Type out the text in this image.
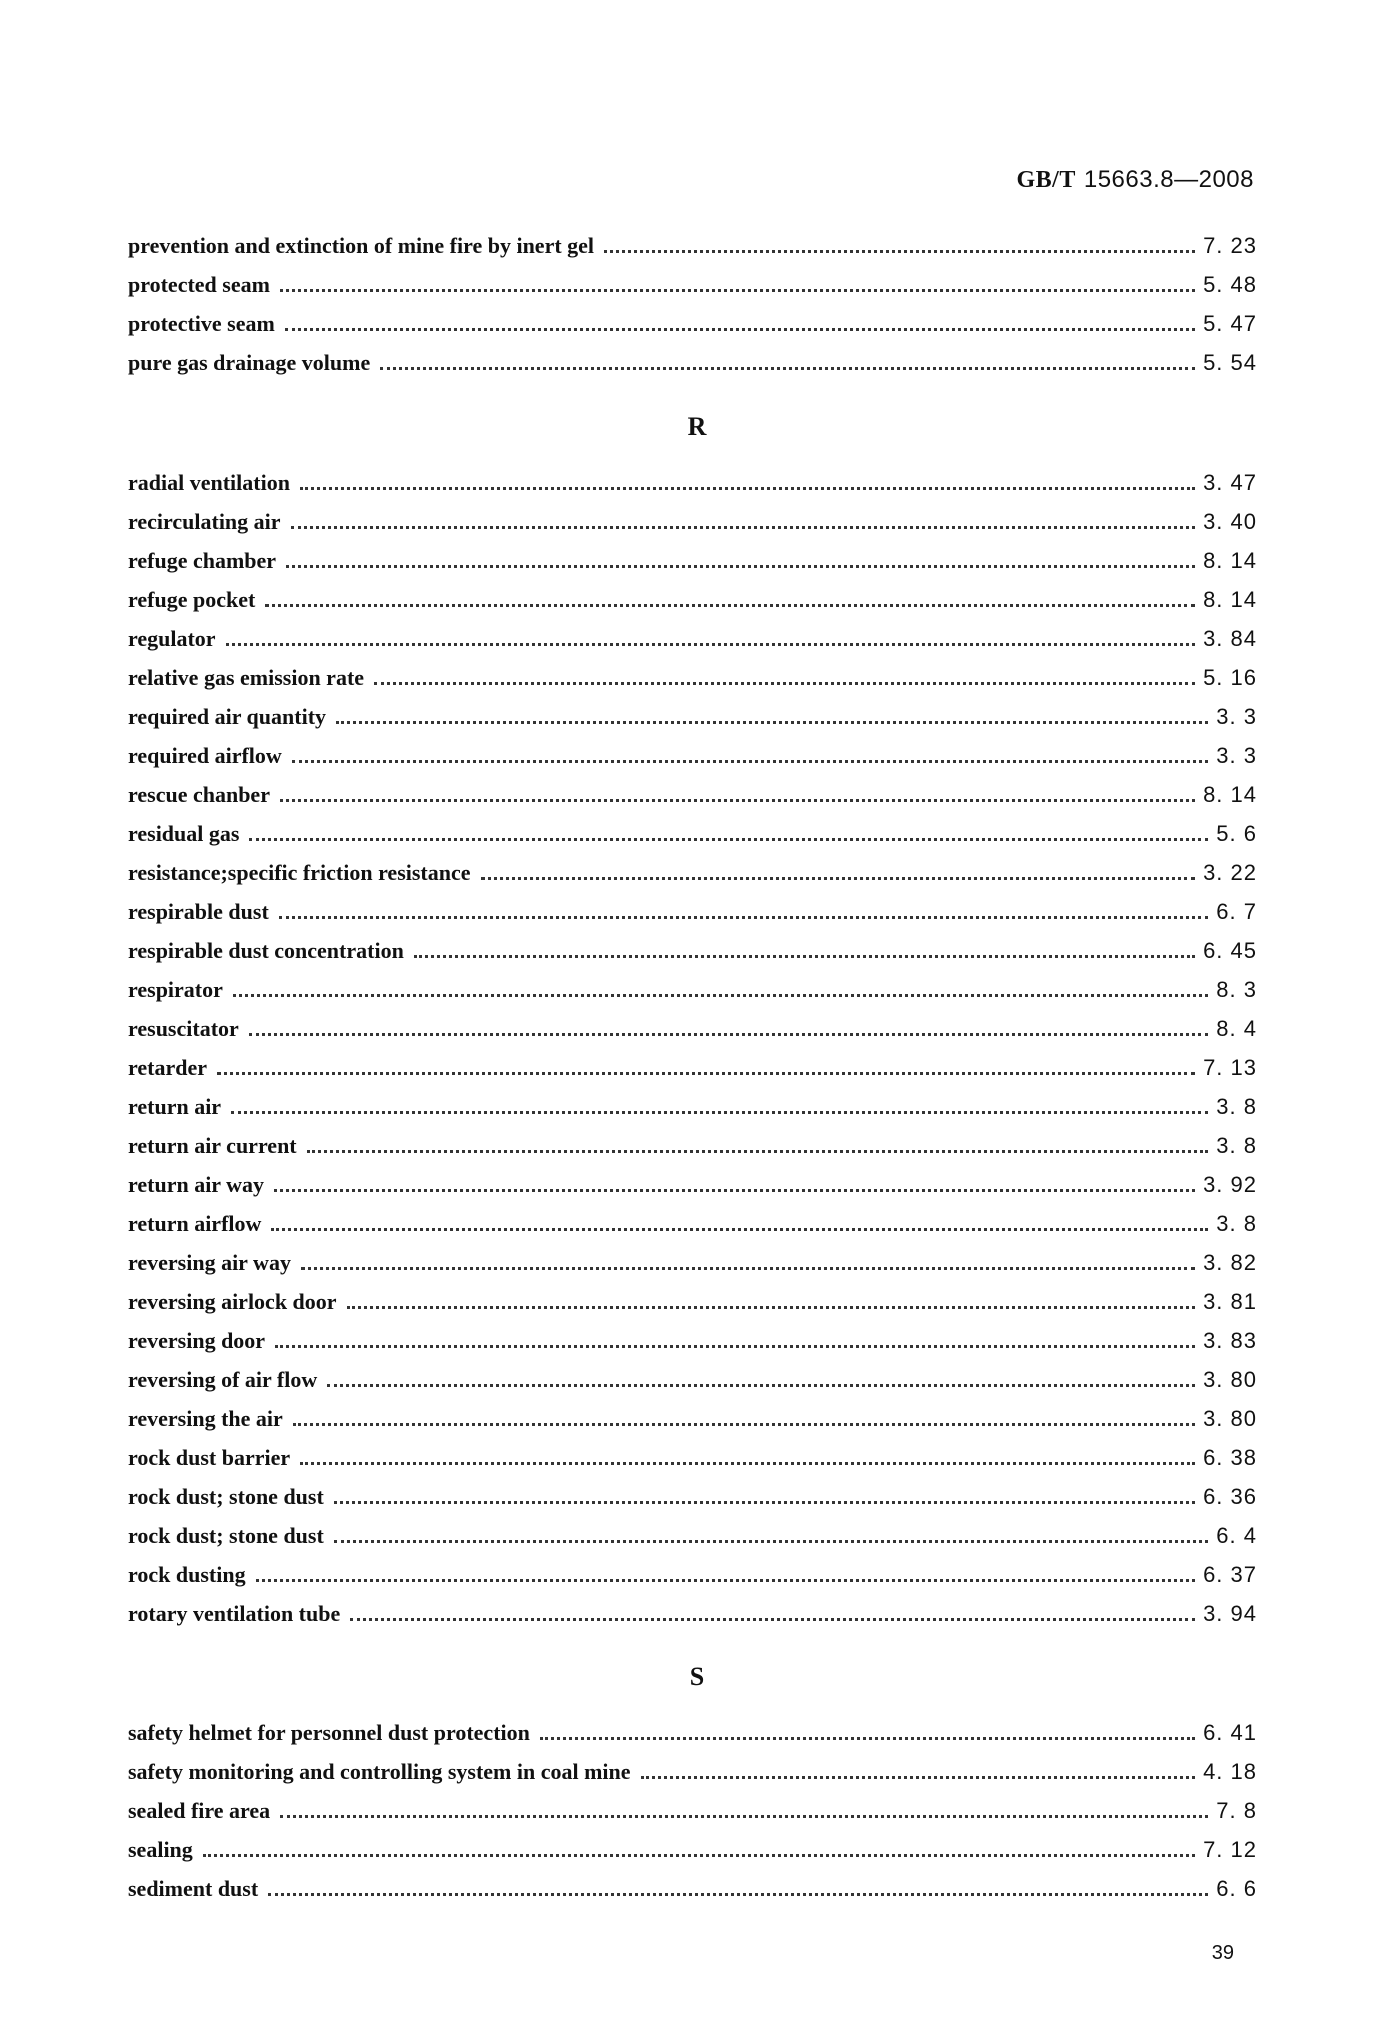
GB/T 15663.8—2008
prevention and extinction of mine fire by inert gel	7. 23
protected seam	5. 48
protective seam	5. 47
pure gas drainage volume	5. 54
R
radial ventilation	3. 47
recirculating air	3. 40
refuge chamber	8. 14
refuge pocket	8. 14
regulator	3. 84
relative gas emission rate	5. 16
required air quantity	3. 3
required airflow	3. 3
rescue chanber	8. 14
residual gas	5. 6
resistance;specific friction resistance	3. 22
respirable dust	6. 7
respirable dust concentration	6. 45
respirator	8. 3
resuscitator	8. 4
retarder	7. 13
return air	3. 8
return air current	3. 8
return air way	3. 92
return airflow	3. 8
reversing air way	3. 82
reversing airlock door	3. 81
reversing door	3. 83
reversing of air flow	3. 80
reversing the air	3. 80
rock dust barrier	6. 38
rock dust; stone dust	6. 36
rock dust; stone dust	6. 4
rock dusting	6. 37
rotary ventilation tube	3. 94
S
safety helmet for personnel dust protection	6. 41
safety monitoring and controlling system in coal mine	4. 18
sealed fire area	7. 8
sealing	7. 12
sediment dust	6. 6
39
